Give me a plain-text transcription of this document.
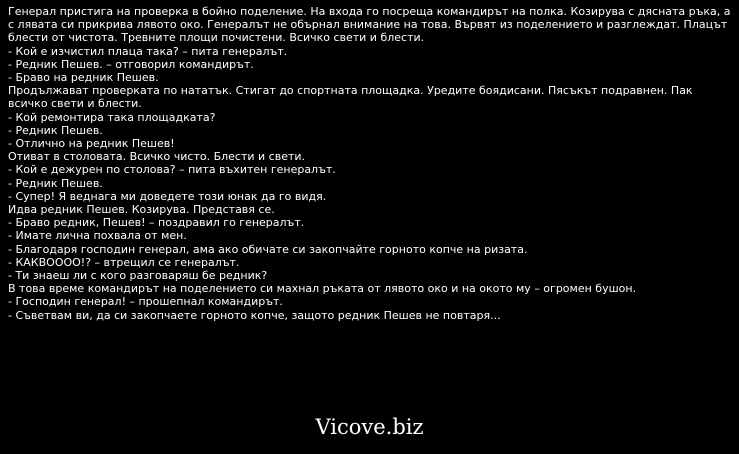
Генерал пристига на проверка в бойно поделение. На входа го посреща командирът на полка. Козирува с дясната ръка, а с лявата си прикрива лявото око. Генералът не обърнал внимание на това. Вървят из поделението и разглеждат. Плацът блести от чистота. Тревните площи почистени. Всичко свети и блести.
- Кой е изчистил плаца така? – пита генералът.
- Редник Пешев. – отговорил командирът.
- Браво на редник Пешев.
Продължават проверката по нататък. Стигат до спортната площадка. Уредите боядисани. Пясъкът подравнен. Пак всичко свети и блести.
- Кой ремонтира така площадката?
- Редник Пешев.
- Отлично на редник Пешев!
Отиват в столовата. Всичко чисто. Блести и свети.
- Кой е дежурен по столова? – пита въхитен генералът.
- Редник Пешев.
- Супер! Я веднага ми доведете този юнак да го видя.
Идва редник Пешев. Козирува. Представя се.
- Браво редник, Пешев! – поздравил го генералът.
- Имате лична похвала от мен.
- Благодаря господин генерал, ама ако обичате си закопчайте горното копче на ризата.
- КАКВОООО!? – втрещил се генералът.
- Ти знаеш ли с кого разговаряш бе редник?
В това време командирът на поделението си махнал ръката от лявото око и на окото му – огромен бушон.
- Господин генерал! – прошепнал командирът.
- Съветвам ви, да си закопчаете горното копче, защото редник Пешев не повтаря...
Vicove.biz
